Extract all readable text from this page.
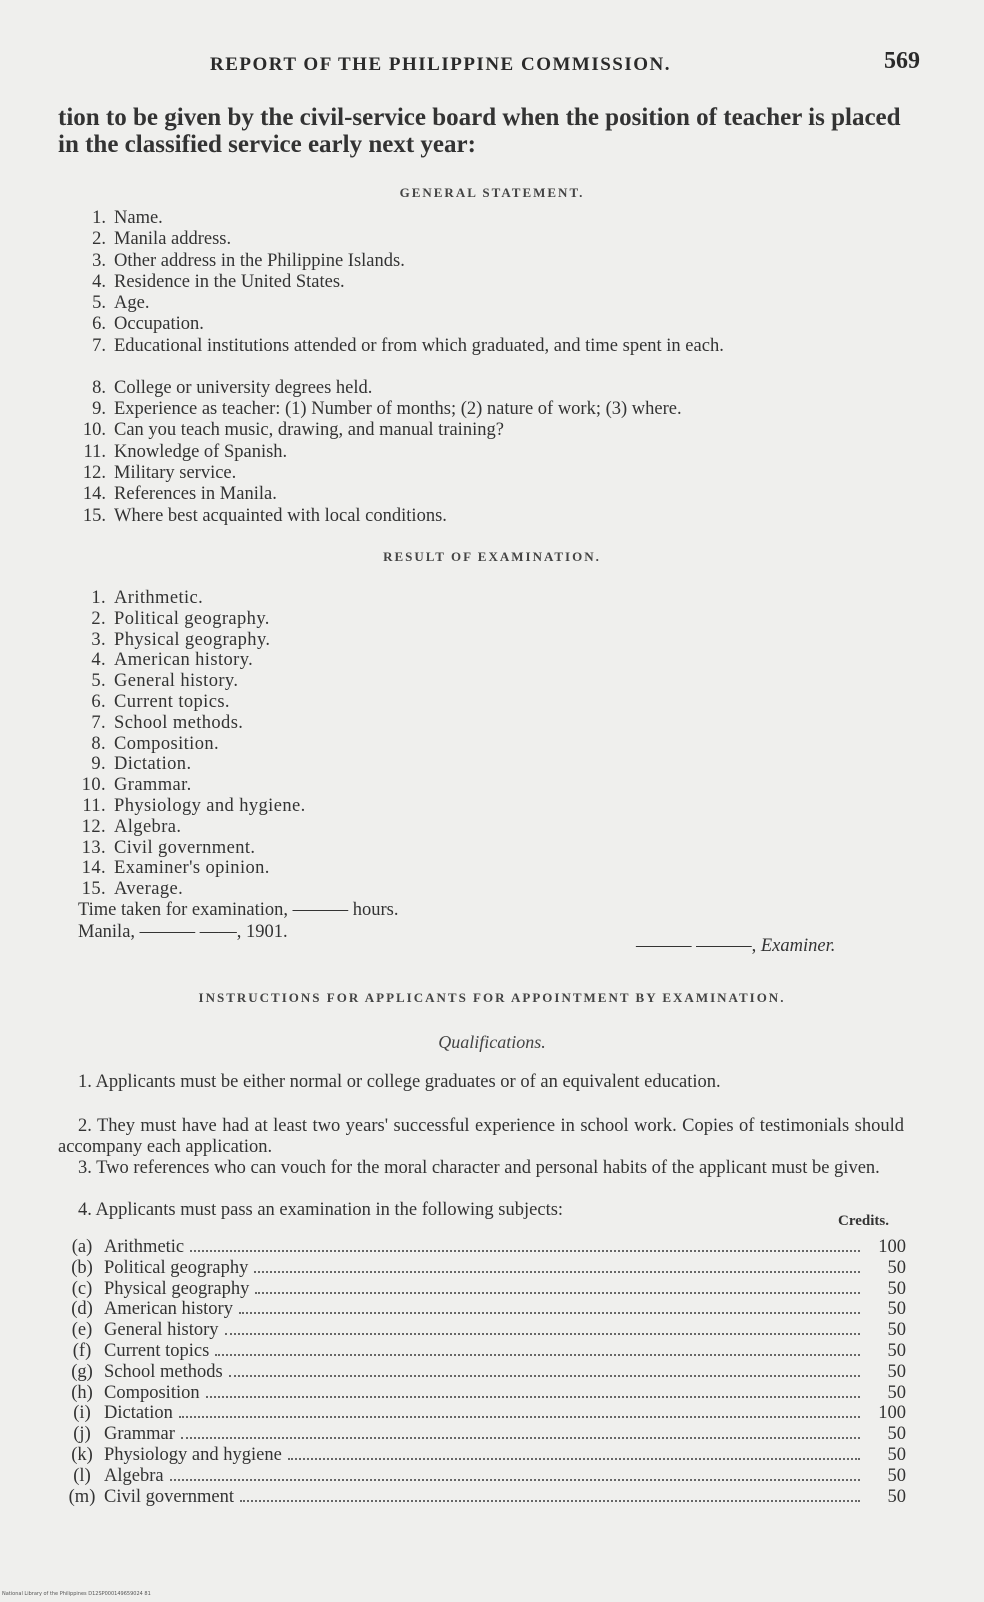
REPORT OF THE PHILIPPINE COMMISSION.	569
tion to be given by the civil-service board when the position of teacher is placed in the classified service early next year:
GENERAL STATEMENT.
1. Name.
2. Manila address.
3. Other address in the Philippine Islands.
4. Residence in the United States.
5. Age.
6. Occupation.
7. Educational institutions attended or from which graduated, and time spent in each.
8. College or university degrees held.
9. Experience as teacher: (1) Number of months; (2) nature of work; (3) where.
10. Can you teach music, drawing, and manual training?
11. Knowledge of Spanish.
12. Military service.
14. References in Manila.
15. Where best acquainted with local conditions.
RESULT OF EXAMINATION.
1. Arithmetic.
2. Political geography.
3. Physical geography.
4. American history.
5. General history.
6. Current topics.
7. School methods.
8. Composition.
9. Dictation.
10. Grammar.
11. Physiology and hygiene.
12. Algebra.
13. Civil government.
14. Examiner's opinion.
15. Average.
Time taken for examination, ——— hours.
Manila, ——— ——, 1901.
——— ———, Examiner.
INSTRUCTIONS FOR APPLICANTS FOR APPOINTMENT BY EXAMINATION.
Qualifications.
1. Applicants must be either normal or college graduates or of an equivalent education.
2. They must have had at least two years' successful experience in school work. Copies of testimonials should accompany each application.
3. Two references who can vouch for the moral character and personal habits of the applicant must be given.
4. Applicants must pass an examination in the following subjects:
Credits.
(a) Arithmetic	100
(b) Political geography	50
(c) Physical geography	50
(d) American history	50
(e) General history	50
(f) Current topics	50
(g) School methods	50
(h) Composition	50
(i) Dictation	100
(j) Grammar	50
(k) Physiology and hygiene	50
(l) Algebra	50
(m) Civil government	50
National Library of the Philippines D12SP000149659024 81
